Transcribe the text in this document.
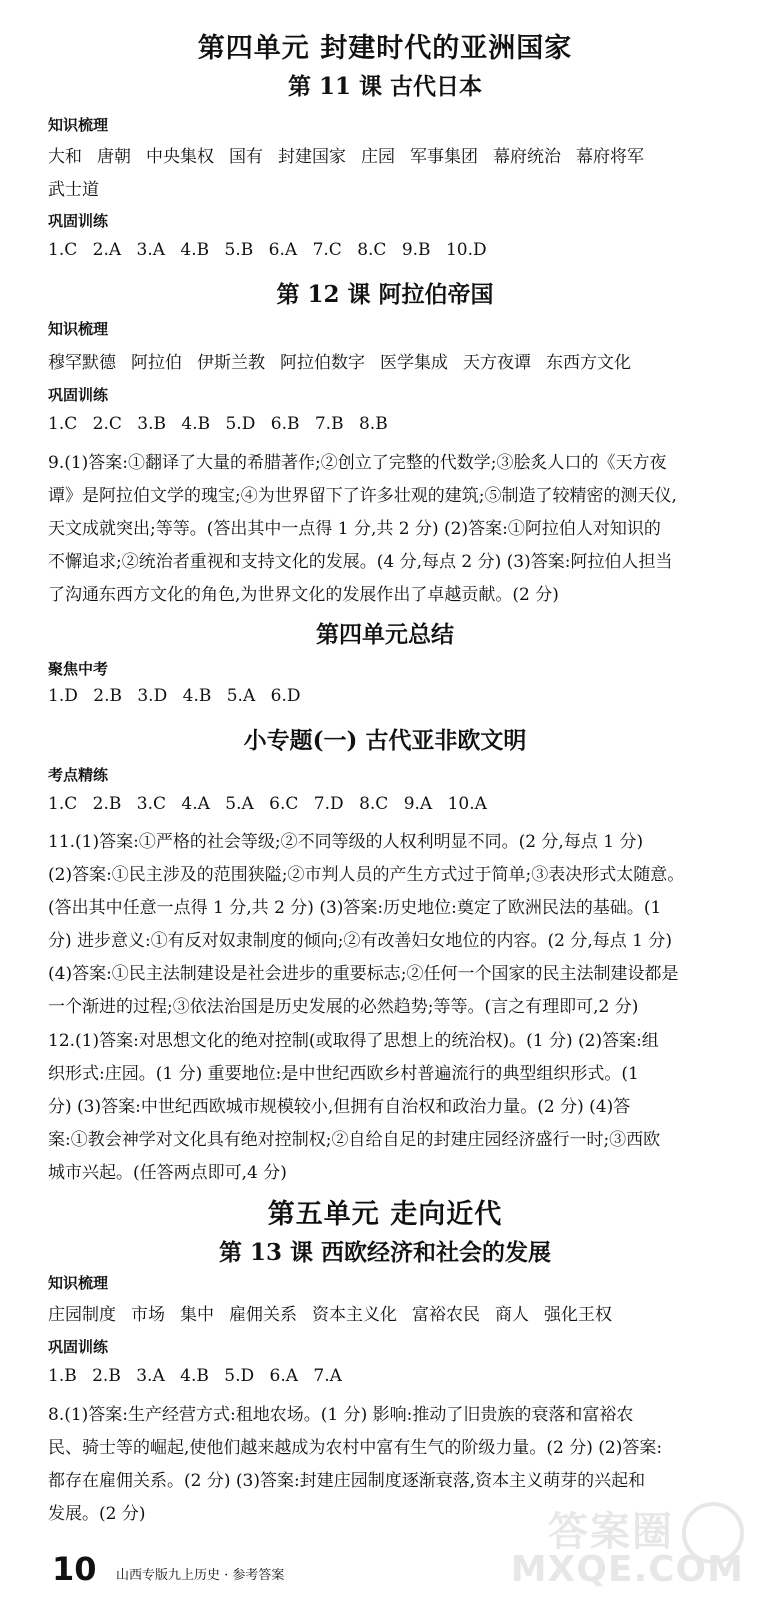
第四单元 封建时代的亚洲国家
第 11 课 古代日本
知识梳理
大和 唐朝 中央集权 国有 封建国家 庄园 军事集团 幕府统治 幕府将军
武士道
巩固训练
1.C 2.A 3.A 4.B 5.B 6.A 7.C 8.C 9.B 10.D
第 12 课 阿拉伯帝国
知识梳理
穆罕默德 阿拉伯 伊斯兰教 阿拉伯数字 医学集成 天方夜谭 东西方文化
巩固训练
1.C 2.C 3.B 4.B 5.D 6.B 7.B 8.B
9.(1)答案:①翻译了大量的希腊著作;②创立了完整的代数学;③脍炙人口的《天方夜
谭》是阿拉伯文学的瑰宝;④为世界留下了许多壮观的建筑;⑤制造了较精密的测天仪,
天文成就突出;等等。(答出其中一点得 1 分,共 2 分) (2)答案:①阿拉伯人对知识的
不懈追求;②统治者重视和支持文化的发展。(4 分,每点 2 分) (3)答案:阿拉伯人担当
了沟通东西方文化的角色,为世界文化的发展作出了卓越贡献。(2 分)
第四单元总结
聚焦中考
1.D 2.B 3.D 4.B 5.A 6.D
小专题(一) 古代亚非欧文明
考点精练
1.C 2.B 3.C 4.A 5.A 6.C 7.D 8.C 9.A 10.A
11.(1)答案:①严格的社会等级;②不同等级的人权利明显不同。(2 分,每点 1 分)
(2)答案:①民主涉及的范围狭隘;②市判人员的产生方式过于简单;③表决形式太随意。
(答出其中任意一点得 1 分,共 2 分) (3)答案:历史地位:奠定了欧洲民法的基础。(1
分) 进步意义:①有反对奴隶制度的倾向;②有改善妇女地位的内容。(2 分,每点 1 分)
(4)答案:①民主法制建设是社会进步的重要标志;②任何一个国家的民主法制建设都是
一个渐进的过程;③依法治国是历史发展的必然趋势;等等。(言之有理即可,2 分)
12.(1)答案:对思想文化的绝对控制(或取得了思想上的统治权)。(1 分) (2)答案:组
织形式:庄园。(1 分) 重要地位:是中世纪西欧乡村普遍流行的典型组织形式。(1
分) (3)答案:中世纪西欧城市规模较小,但拥有自治权和政治力量。(2 分) (4)答
案:①教会神学对文化具有绝对控制权;②自给自足的封建庄园经济盛行一时;③西欧
城市兴起。(任答两点即可,4 分)
第五单元 走向近代
第 13 课 西欧经济和社会的发展
知识梳理
庄园制度 市场 集中 雇佣关系 资本主义化 富裕农民 商人 强化王权
巩固训练
1.B 2.B 3.A 4.B 5.D 6.A 7.A
8.(1)答案:生产经营方式:租地农场。(1 分) 影响:推动了旧贵族的衰落和富裕农
民、骑士等的崛起,使他们越来越成为农村中富有生气的阶级力量。(2 分) (2)答案:
都存在雇佣关系。(2 分) (3)答案:封建庄园制度逐渐衰落,资本主义萌芽的兴起和
发展。(2 分)	答案圈
MXQE.COM
10 山西专版九上历史 · 参考答案
